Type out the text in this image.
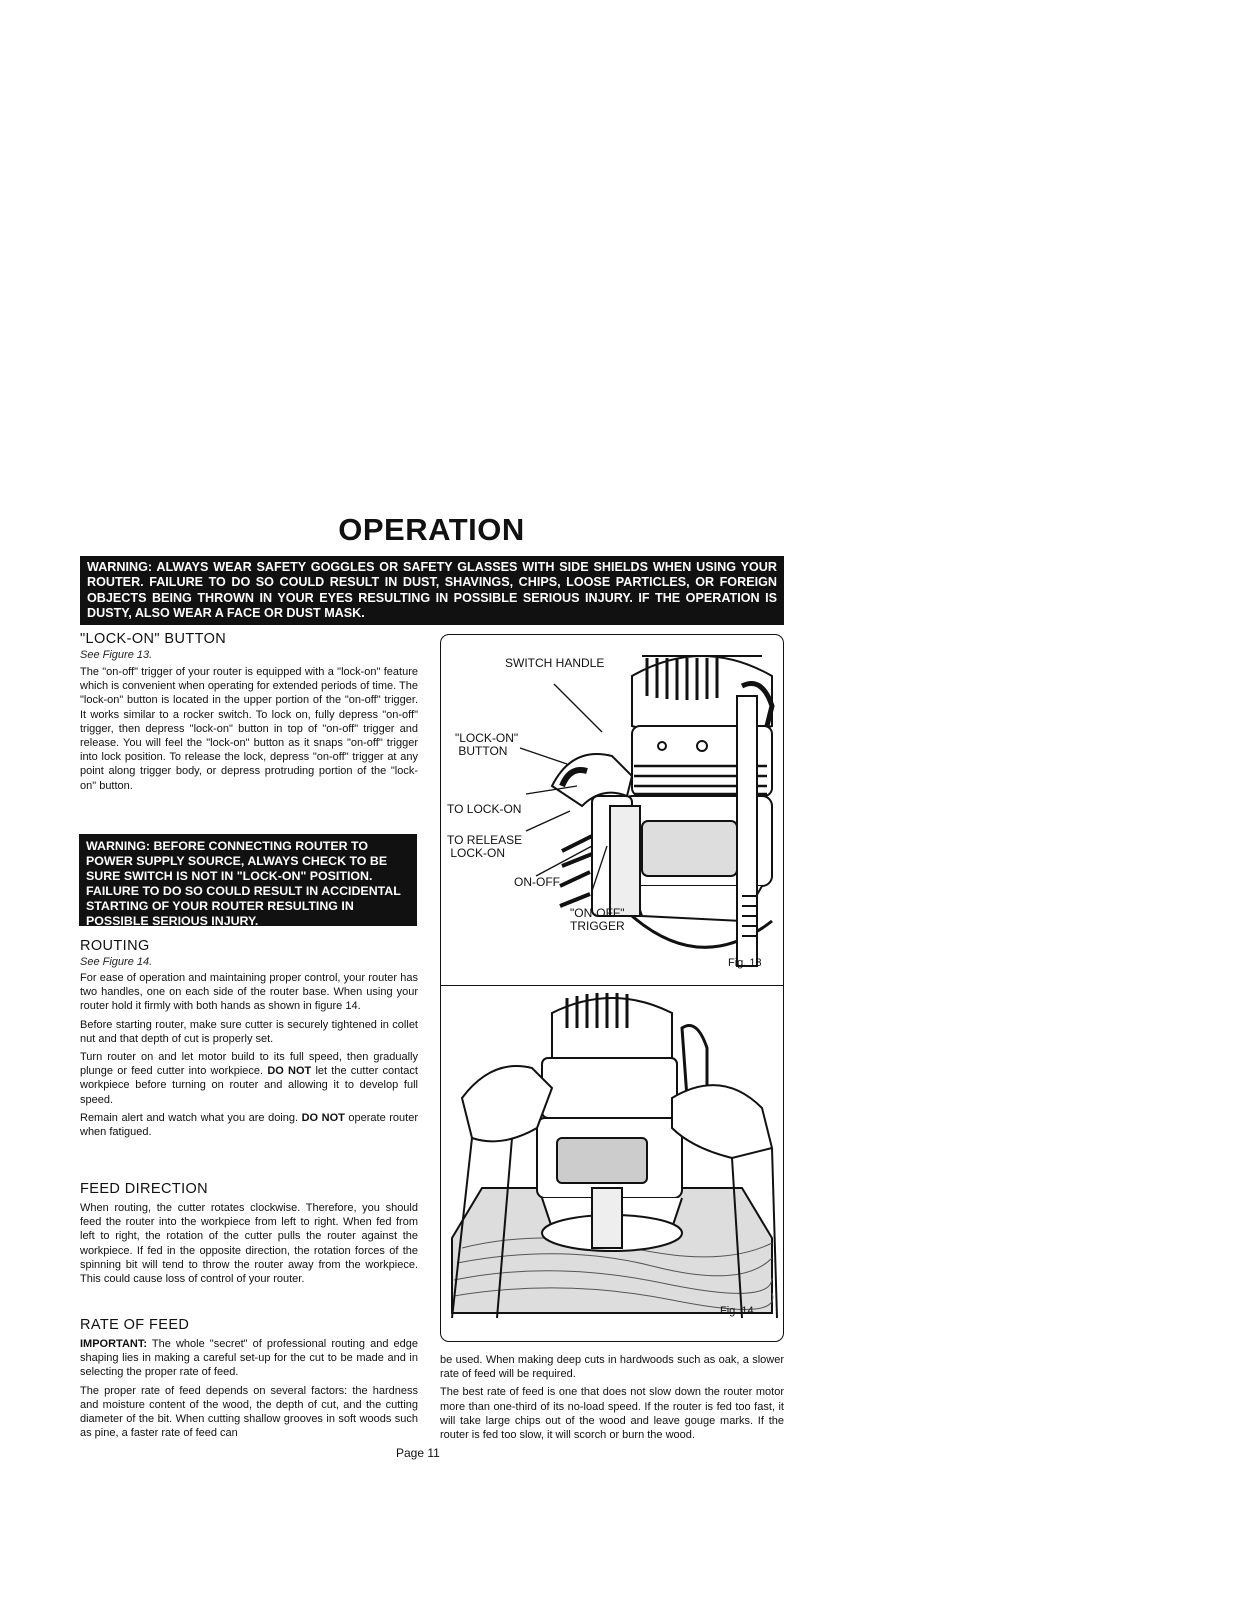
OPERATION
WARNING: ALWAYS WEAR SAFETY GOGGLES OR SAFETY GLASSES WITH SIDE SHIELDS WHEN USING YOUR ROUTER. FAILURE TO DO SO COULD RESULT IN DUST, SHAVINGS, CHIPS, LOOSE PARTICLES, OR FOREIGN OBJECTS BEING THROWN IN YOUR EYES RESULTING IN POSSIBLE SERIOUS INJURY. IF THE OPERATION IS DUSTY, ALSO WEAR A FACE OR DUST MASK.
"LOCK-ON" BUTTON
See Figure 13.

The "on-off" trigger of your router is equipped with a "lock-on" feature which is convenient when operating for extended periods of time. The "lock-on" button is located in the upper portion of the "on-off" trigger. It works similar to a rocker switch. To lock on, fully depress "on-off" trigger, then depress "lock-on" button in top of "on-off" trigger and release. You will feel the "lock-on" button as it snaps "on-off" trigger into lock position. To release the lock, depress "on-off" trigger at any point along trigger body, or depress protruding portion of the "lock-on" button.

WARNING: BEFORE CONNECTING ROUTER TO POWER SUPPLY SOURCE, ALWAYS CHECK TO BE SURE SWITCH IS NOT IN "LOCK-ON" POSITION. FAILURE TO DO SO COULD RESULT IN ACCIDENTAL STARTING OF YOUR ROUTER RESULTING IN POSSIBLE SERIOUS INJURY.
ROUTING
See Figure 14.

For ease of operation and maintaining proper control, your router has two handles, one on each side of the router base. When using your router hold it firmly with both hands as shown in figure 14.

Before starting router, make sure cutter is securely tightened in collet nut and that depth of cut is properly set.

Turn router on and let motor build to its full speed, then gradually plunge or feed cutter into workpiece. DO NOT let the cutter contact workpiece before turning on router and allowing it to develop full speed.

Remain alert and watch what you are doing. DO NOT operate router when fatigued.

FEED DIRECTION

When routing, the cutter rotates clockwise. Therefore, you should feed the router into the workpiece from left to right. When fed from left to right, the rotation of the cutter pulls the router against the workpiece. If fed in the opposite direction, the rotation forces of the spinning bit will tend to throw the router away from the workpiece. This could cause loss of control of your router.

RATE OF FEED

IMPORTANT: The whole "secret" of professional routing and edge shaping lies in making a careful set-up for the cut to be made and in selecting the proper rate of feed.

The proper rate of feed depends on several factors: the hardness and moisture content of the wood, the depth of cut, and the cutting diameter of the bit. When cutting shallow grooves in soft woods such as pine, a faster rate of feed can

be used. When making deep cuts in hardwoods such as oak, a slower rate of feed will be required.

The best rate of feed is one that does not slow down the router motor more than one-third of its no-load speed. If the router is fed too fast, it will take large chips out of the wood and leave gouge marks. If the router is fed too slow, it will scorch or burn the wood.

SWITCH HANDLE
"LOCK-ON"
BUTTON
TO LOCK-ON
TO RELEASE
LOCK-ON
ON-OFF
"ON-OFF"
TRIGGER
Fig. 13
Fig. 14
Page 11
